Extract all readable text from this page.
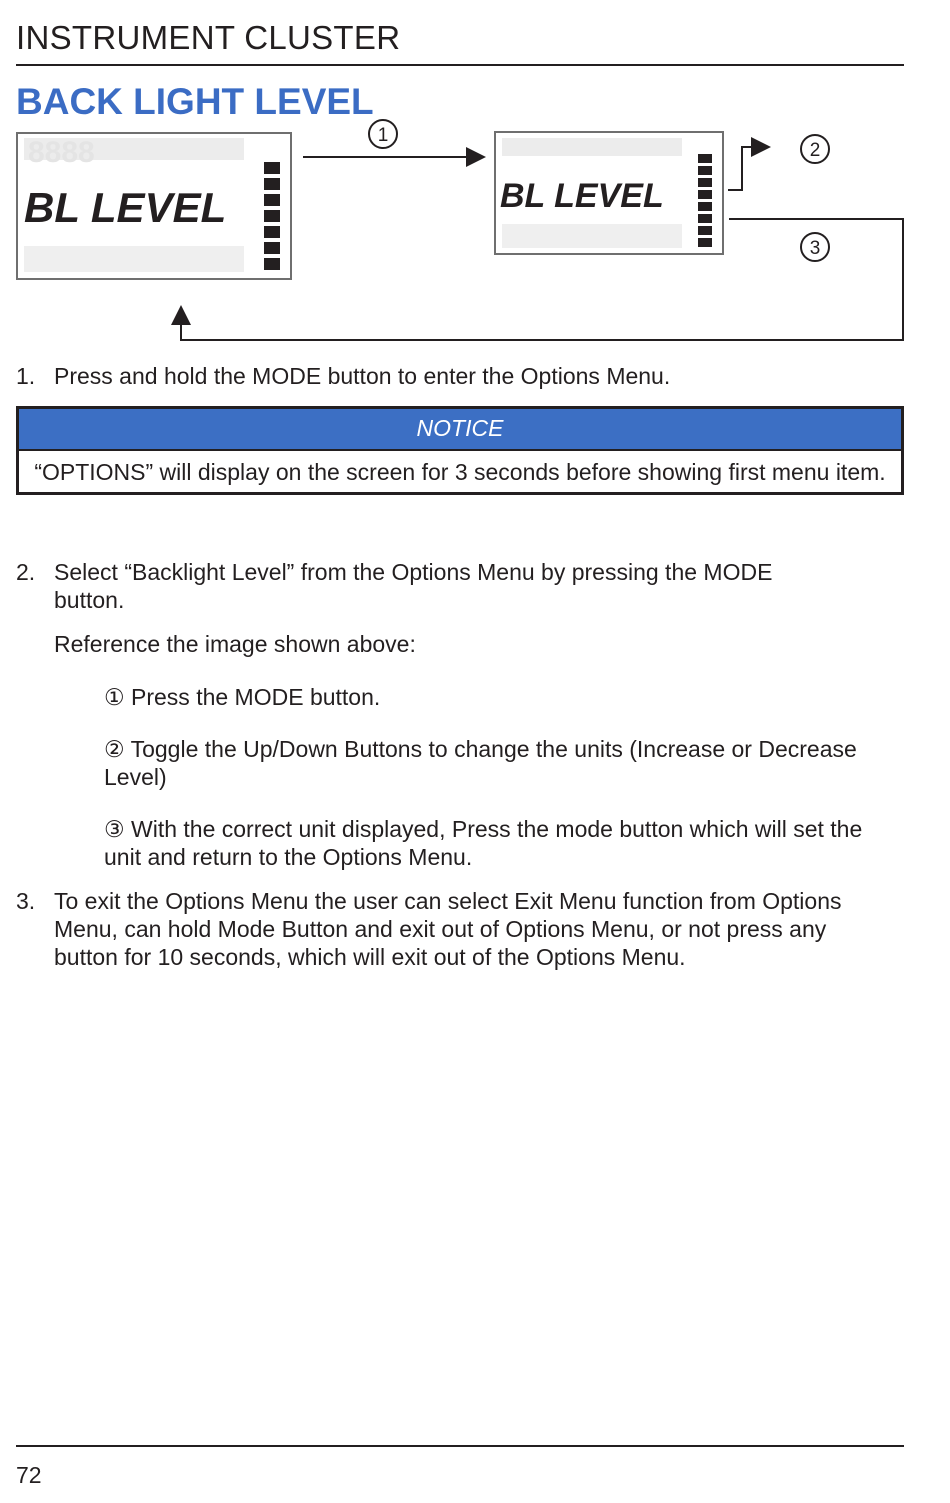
INSTRUMENT CLUSTER
BACK LIGHT LEVEL
8888
BL LEVEL	BL LEVEL
1
2
3

1. Press and hold the MODE button to enter the Options Menu.

NOTICE
“OPTIONS” will display on the screen for 3 seconds before showing first menu item.

2. Select “Backlight Level” from the Options Menu by pressing the MODE button.

Reference the image shown above:

① Press the MODE button.

② Toggle the Up/Down Buttons to change the units (Increase or Decrease Level)

③ With the correct unit displayed, Press the mode button which will set the unit and return to the Options Menu.

3. To exit the Options Menu the user can select Exit Menu function from Options Menu, can hold Mode Button and exit out of Options Menu, or not press any button for 10 seconds, which will exit out of the Options Menu.

72
